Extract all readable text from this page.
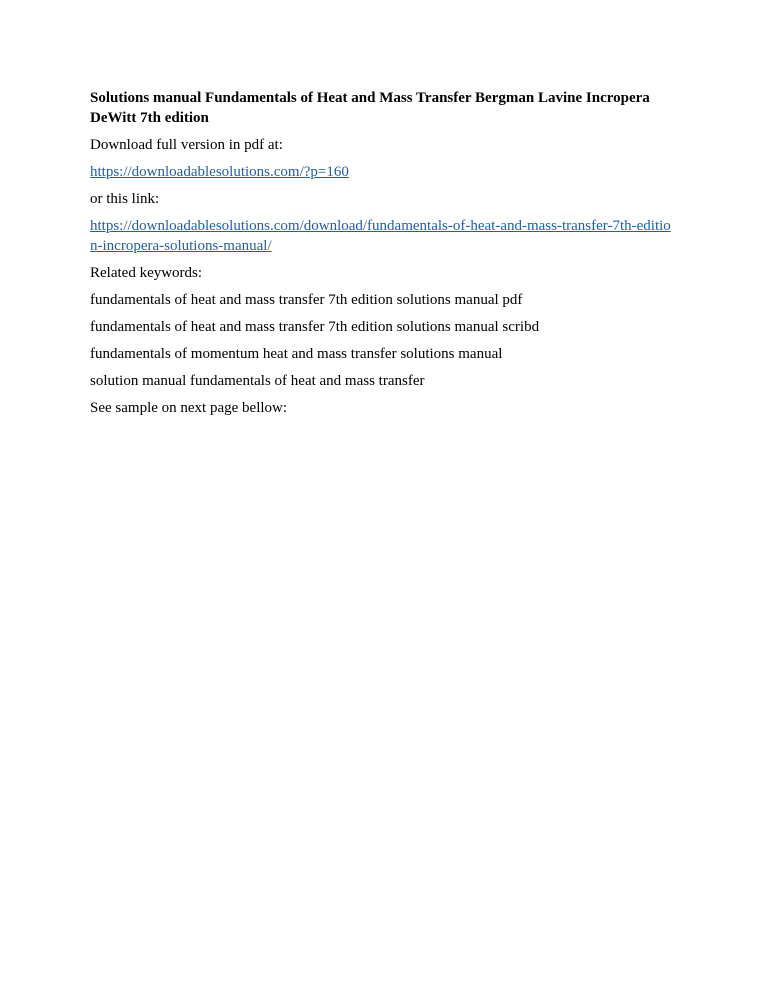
Solutions manual Fundamentals of Heat and Mass Transfer Bergman Lavine Incropera
DeWitt 7th edition

Download full version in pdf at:

https://downloadablesolutions.com/?p=160

or this link:

https://downloadablesolutions.com/download/fundamentals-of-heat-and-mass-transfer-7th-editio
n-incropera-solutions-manual/

Related keywords:

fundamentals of heat and mass transfer 7th edition solutions manual pdf

fundamentals of heat and mass transfer 7th edition solutions manual scribd

fundamentals of momentum heat and mass transfer solutions manual

solution manual fundamentals of heat and mass transfer

See sample on next page bellow:
